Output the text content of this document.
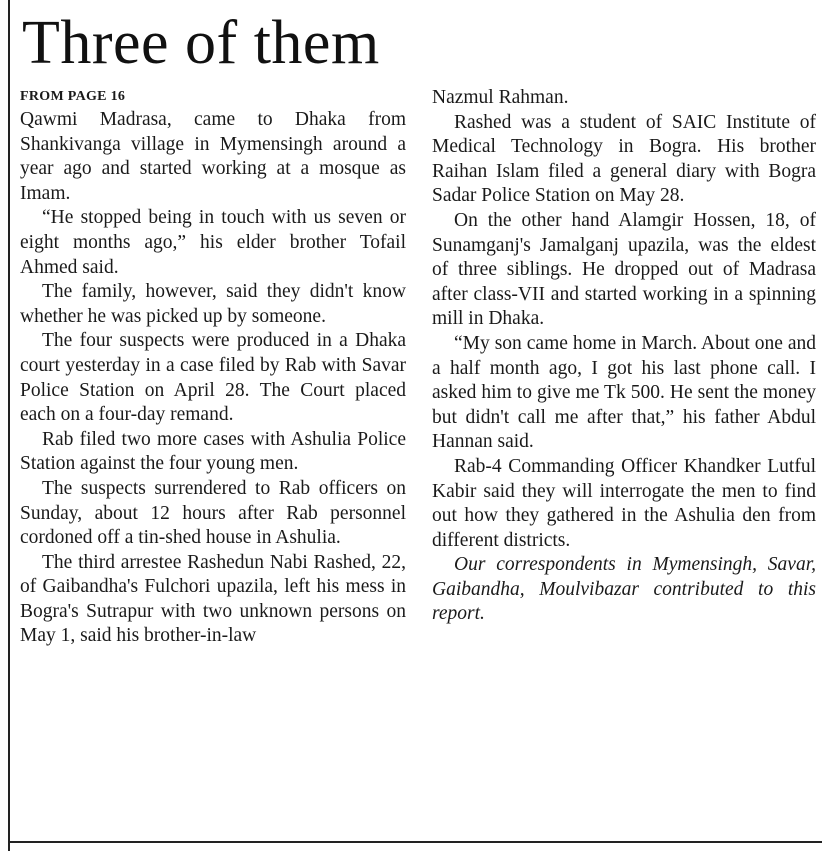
Three of them

FROM PAGE 16

Qawmi Madrasa, came to Dhaka from Shankivanga village in Mymensingh around a year ago and started working at a mosque as Imam.

“He stopped being in touch with us seven or eight months ago,” his elder brother Tofail Ahmed said.

The family, however, said they didn't know whether he was picked up by someone.

The four suspects were produced in a Dhaka court yesterday in a case filed by Rab with Savar Police Station on April 28. The Court placed each on a four-day remand.

Rab filed two more cases with Ashulia Police Station against the four young men.

The suspects surrendered to Rab officers on Sunday, about 12 hours after Rab personnel cordoned off a tin-shed house in Ashulia.

The third arrestee Rashedun Nabi Rashed, 22, of Gaibandha's Fulchori upazila, left his mess in Bogra's Sutrapur with two unknown persons on May 1, said his brother-in-law

Nazmul Rahman.

Rashed was a student of SAIC Institute of Medical Technology in Bogra. His brother Raihan Islam filed a general diary with Bogra Sadar Police Station on May 28.

On the other hand Alamgir Hossen, 18, of Sunamganj's Jamalganj upazila, was the eldest of three siblings. He dropped out of Madrasa after class-VII and started working in a spinning mill in Dhaka.

“My son came home in March. About one and a half month ago, I got his last phone call. I asked him to give me Tk 500. He sent the money but didn't call me after that,” his father Abdul Hannan said.

Rab-4 Commanding Officer Khandker Lutful Kabir said they will interrogate the men to find out how they gathered in the Ashulia den from different districts.

Our correspondents in Mymensingh, Savar, Gaibandha, Moulvibazar contributed to this report.
